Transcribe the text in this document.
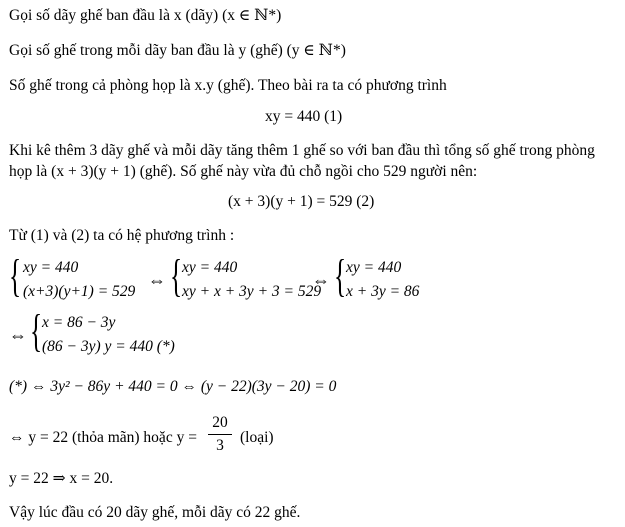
Gọi số dãy ghế ban đầu là x (dãy) (x ∈ ℕ*)
Gọi số ghế trong mỗi dãy ban đầu là y (ghế) (y ∈ ℕ*)
Số ghế trong cả phòng họp là x.y (ghế). Theo bài ra ta có phương trình
xy = 440 (1)
Khi kê thêm 3 dãy ghế và mỗi dãy tăng thêm 1 ghế so với ban đầu thì tổng số ghế trong phòng
họp là (x + 3)(y + 1) (ghế). Số ghế này vừa đủ chỗ ngồi cho 529 người nên:
(x + 3)(y + 1) = 529 (2)
Từ (1) và (2) ta có hệ phương trình :
{ xy = 440
(x+3)(y+1) = 529
⇔ { xy = 440
xy + x + 3y + 3 = 529
⇔ { xy = 440
x + 3y = 86
⇔ { x = 86 − 3y
(86 − 3y) y = 440 (*)
(*) ⇔ 3y² − 86y + 440 = 0 ⇔ (y − 22)(3y − 20) = 0
⇔ y = 22 (thỏa mãn) hoặc y =
20
3	(loại)
y = 22 ⇒ x = 20.
Vậy lúc đầu có 20 dãy ghế, mỗi dãy có 22 ghế.
